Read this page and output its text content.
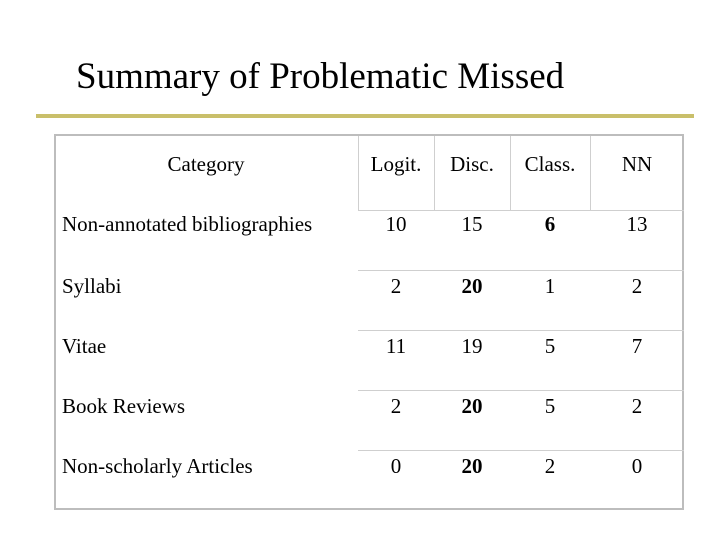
Summary of Problematic Missed
Category	Logit.	Disc.	Class.	NN
Non-annotated bibliographies	10	15	6	13
Syllabi	2	20	1	2
Vitae	11	19	5	7
Book Reviews	2	20	5	2
Non-scholarly Articles	0	20	2	0
